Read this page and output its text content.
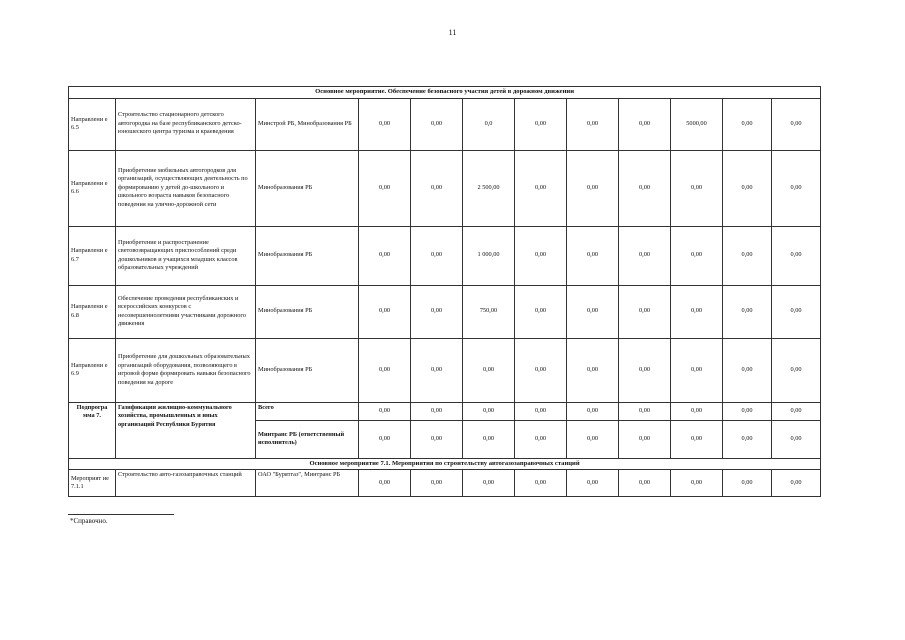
11
Основное мероприятие. Обеспечение безопасного участия детей в дорожном движении											
Направлени е 6.5	Строительство стационарного детского автогородка на базе республиканского детско-юношеского центра туризма и краеведения	Минстрой РБ, Минобразования РБ	0,00	0,00	0,0	0,00	0,00	0,00	5000,00	0,00	0,00
Направлени е 6.6	Приобретение мобильных автогородков для организаций, осуществляющих деятельность по формированию у детей до-школьного и школьного возраста навыков безопасного поведения на улично-дорожной сети	Минобразования РБ	0,00	0,00	2 500,00	0,00	0,00	0,00	0,00	0,00	0,00
Направлени е 6.7	Приобретение и распространение световозвращающих приспособлений среди дошкольников и учащихся младших классов образовательных учреждений	Минобразования РБ	0,00	0,00	1 000,00	0,00	0,00	0,00	0,00	0,00	0,00
Направлени е 6.8	Обеспечение проведения республиканских и всероссийских конкурсов с несовершеннолетними участниками дорожного движения	Минобразования РБ	0,00	0,00	750,00	0,00	0,00	0,00	0,00	0,00	0,00
Направлени е 6.9	Приобретение для дошкольных образовательных организаций оборудования, позволяющего в игровой форме формировать навыки безопасного поведения на дороге	Минобразования РБ	0,00	0,00	0,00	0,00	0,00	0,00	0,00	0,00	0,00
Подпрогра мма 7.	Газификация жилищно-коммунального хозяйства, промышленных и иных организаций Республики Бурятия	Всего	0,00	0,00	0,00	0,00	0,00	0,00	0,00	0,00	0,00
		Минтранс РБ (ответственный исполнитель)	0,00	0,00	0,00	0,00	0,00	0,00	0,00	0,00	0,00
Основное мероприятие 7.1. Мероприятия по строительству автогазозаправочных станций											
Мероприят ие 7.1.1	Строительство авто-газозаправочных станций	ОАО "Бурятгаз", Минтранс РБ	0,00	0,00	0,00	0,00	0,00	0,00	0,00	0,00	0,00
*Справочно.
